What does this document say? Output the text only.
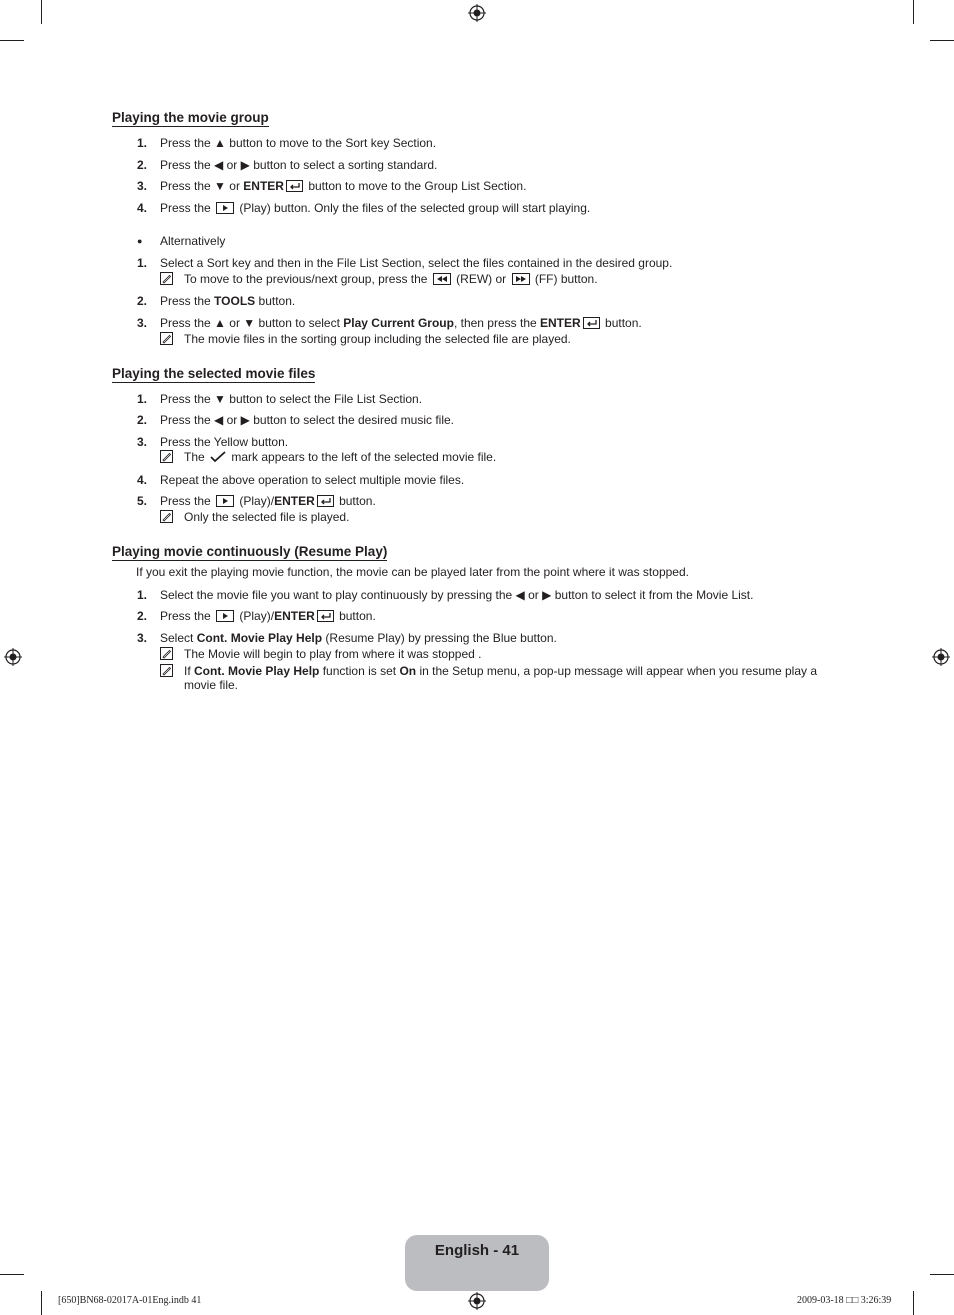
Playing the movie group
1. Press the ▲ button to move to the Sort key Section.
2. Press the ◀ or ▶ button to select a sorting standard.
3. Press the ▼ or ENTER button to move to the Group List Section.
4. Press the (Play) button. Only the files of the selected group will start playing.
● Alternatively
1. Select a Sort key and then in the File List Section, select the files contained in the desired group.
To move to the previous/next group, press the (REW) or (FF) button.
2. Press the TOOLS button.
3. Press the ▲ or ▼ button to select Play Current Group, then press the ENTER button.
The movie files in the sorting group including the selected file are played.
Playing the selected movie files
1. Press the ▼ button to select the File List Section.
2. Press the ◀ or ▶ button to select the desired music file.
3. Press the Yellow button.
The mark appears to the left of the selected movie file.
4. Repeat the above operation to select multiple movie files.
5. Press the (Play)/ENTER button.
Only the selected file is played.
Playing movie continuously (Resume Play)
If you exit the playing movie function, the movie can be played later from the point where it was stopped.
1. Select the movie file you want to play continuously by pressing the ◀ or ▶ button to select it from the Movie List.
2. Press the (Play)/ENTER button.
3. Select Cont. Movie Play Help (Resume Play) by pressing the Blue button.
The Movie will begin to play from where it was stopped .
If Cont. Movie Play Help function is set On in the Setup menu, a pop-up message will appear when you resume play a
movie file.
English - 41
[650]BN68-02017A-01Eng.indb 41	2009-03-18 □□ 3:26:39
